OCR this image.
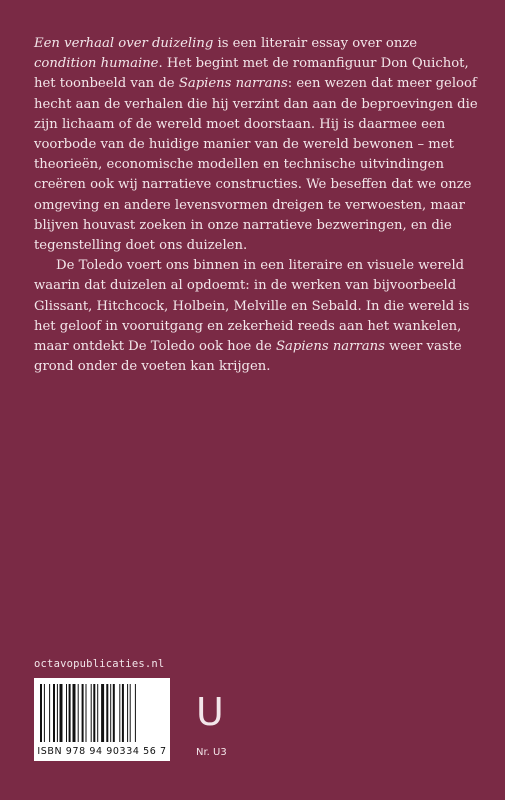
Een verhaal over duizeling is een literair essay over onze condition humaine. Het begint met de romanfiguur Don Quichot, het toonbeeld van de Sapiens narrans: een wezen dat meer geloof hecht aan de verhalen die hij verzint dan aan de beproevingen die zijn lichaam of de wereld moet doorstaan. Hij is daarmee een voorbode van de huidige manier van de wereld bewonen – met theorieën, economische modellen en technische uitvindingen creëren ook wij narratieve constructies. We beseffen dat we onze omgeving en andere levensvormen dreigen te verwoesten, maar blijven houvast zoeken in onze narratieve bezweringen, en die tegenstelling doet ons duizelen.

De Toledo voert ons binnen in een literaire en visuele wereld waarin dat duizelen al opdoemt: in de werken van bijvoorbeeld Glissant, Hitchcock, Holbein, Melville en Sebald. In die wereld is het geloof in vooruitgang en zekerheid reeds aan het wankelen, maar ontdekt De Toledo ook hoe de Sapiens narrans weer vaste grond onder de voeten kan krijgen.

octavopublicaties.nl
ISBN 978 94 90334 56 7
U
Nr. U3
